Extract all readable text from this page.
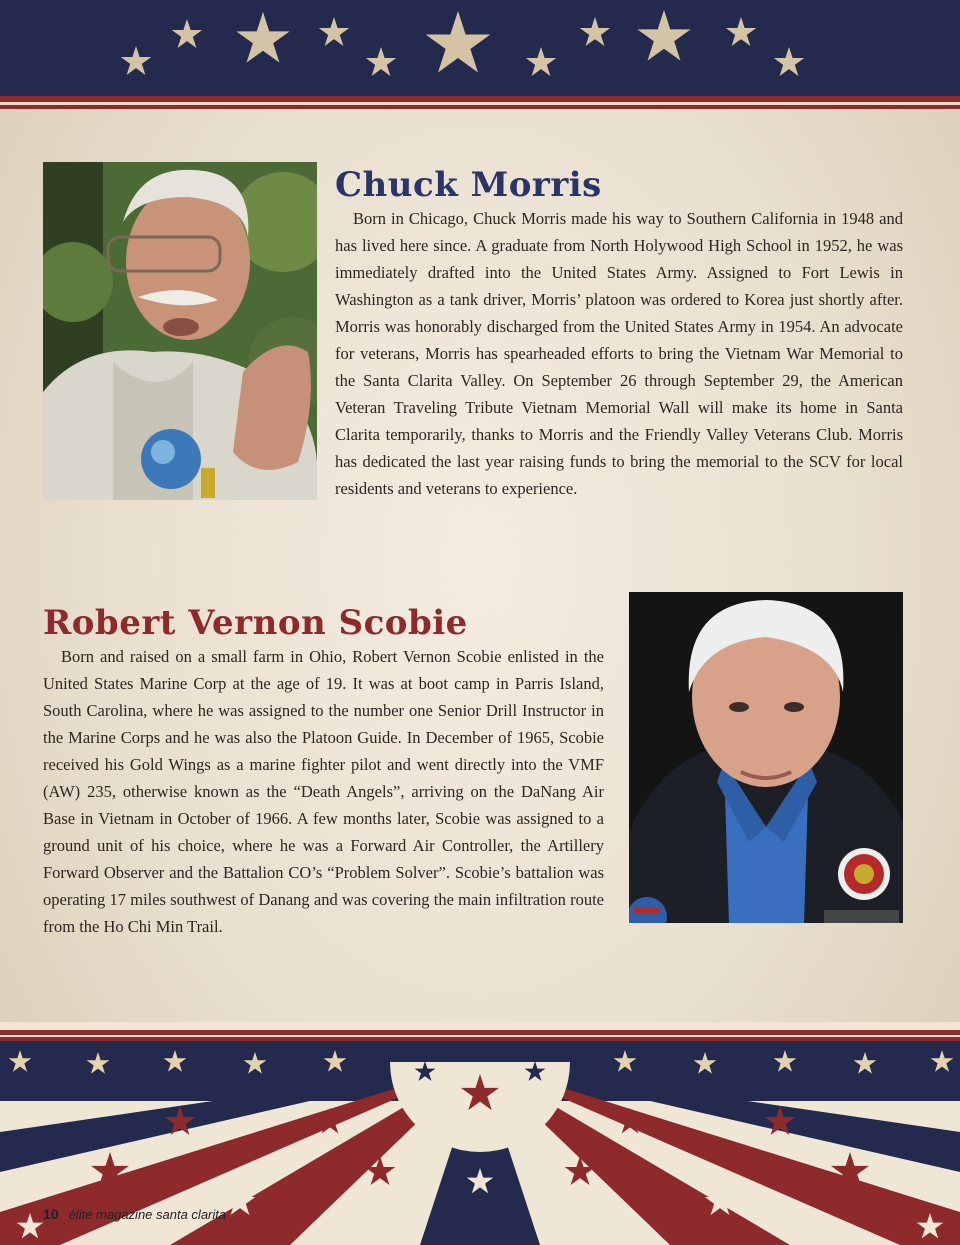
Chuck Morris

Born in Chicago, Chuck Morris made his way to Southern California in 1948 and has lived here since. A graduate from North Holywood High School in 1952, he was immediately drafted into the United States Army. Assigned to Fort Lewis in Washington as a tank driver, Morris’ platoon was ordered to Korea just shortly after. Morris was honorably discharged from the United States Army in 1954. An advocate for veterans, Morris has spearheaded efforts to bring the Vietnam War Memorial to the Santa Clarita Valley. On September 26 through September 29, the American Veteran Traveling Tribute Vietnam Memorial Wall will make its home in Santa Clarita temporarily, thanks to Morris and the Friendly Valley Veterans Club. Morris has dedicated the last year raising funds to bring the memorial to the SCV for local residents and veterans to experience.

Robert Vernon Scobie

Born and raised on a small farm in Ohio, Robert Vernon Scobie enlisted in the United States Marine Corp at the age of 19. It was at boot camp in Parris Island, South Carolina, where he was assigned to the number one Senior Drill Instructor in the Marine Corps and he was also the Platoon Guide. In December of 1965, Scobie received his Gold Wings as a marine fighter pilot and went directly into the VMF (AW) 235, otherwise known as the “Death Angels”, arriving on the DaNang Air Base in Vietnam in October of 1966. A few months later, Scobie was assigned to a ground unit of his choice, where he was a Forward Air Controller, the Artillery Forward Observer and the Battalion CO’s “Problem Solver”. Scobie’s battalion was operating 17 miles southwest of Danang and was covering the main infiltration route from the Ho Chi Min Trail.

10 élite magazine santa clarita
